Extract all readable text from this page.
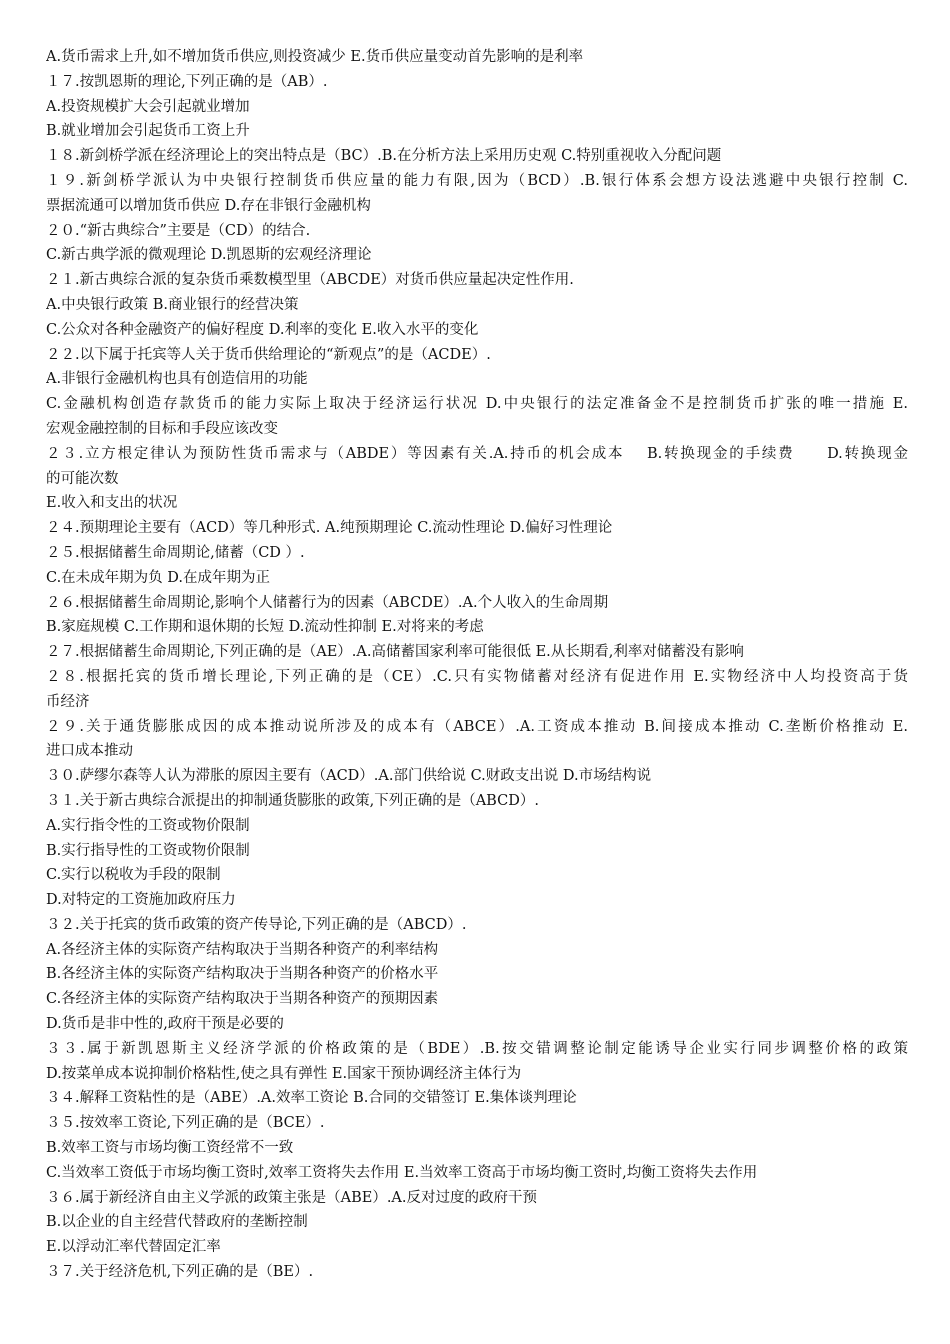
A.货币需求上升,如不增加货币供应,则投资减少 E.货币供应量变动首先影响的是利率
１７.按凯恩斯的理论,下列正确的是（AB）.
A.投资规模扩大会引起就业增加
B.就业增加会引起货币工资上升
１８.新剑桥学派在经济理论上的突出特点是（BC）.B.在分析方法上采用历史观 C.特别重视收入分配问题
１９.新剑桥学派认为中央银行控制货币供应量的能力有限,因为（BCD）.B.银行体系会想方设法逃避中央银行控制 C.
票据流通可以增加货币供应 D.存在非银行金融机构
２０.“新古典综合”主要是（CD）的结合.
C.新古典学派的微观理论 D.凯恩斯的宏观经济理论
２１.新古典综合派的复杂货币乘数模型里（ABCDE）对货币供应量起决定性作用.
A.中央银行政策 B.商业银行的经营决策
C.公众对各种金融资产的偏好程度 D.利率的变化 E.收入水平的变化
２２.以下属于托宾等人关于货币供给理论的“新观点”的是（ACDE）.
A.非银行金融机构也具有创造信用的功能
C.金融机构创造存款货币的能力实际上取决于经济运行状况 D.中央银行的法定准备金不是控制货币扩张的唯一措施 E.
宏观金融控制的目标和手段应该改变
２３.立方根定律认为预防性货币需求与（ABDE）等因素有关.A.持币的机会成本　 B.转换现金的手续费　　D.转换现金
的可能次数
E.收入和支出的状况
２４.预期理论主要有（ACD）等几种形式. A.纯预期理论 C.流动性理论 D.偏好习性理论
２５.根据储蓄生命周期论,储蓄（CD ）.
C.在未成年期为负 D.在成年期为正
２６.根据储蓄生命周期论,影响个人储蓄行为的因素（ABCDE）.A.个人收入的生命周期
B.家庭规模 C.工作期和退休期的长短 D.流动性抑制 E.对将来的考虑
２７.根据储蓄生命周期论,下列正确的是（AE）.A.高储蓄国家利率可能很低 E.从长期看,利率对储蓄没有影响
２８.根据托宾的货币增长理论,下列正确的是（CE）.C.只有实物储蓄对经济有促进作用 E.实物经济中人均投资高于货
币经济
２９.关于通货膨胀成因的成本推动说所涉及的成本有（ABCE）.A.工资成本推动 B.间接成本推动 C.垄断价格推动 E.
进口成本推动
３０.萨缪尔森等人认为滞胀的原因主要有（ACD）.A.部门供给说 C.财政支出说 D.市场结构说
３１.关于新古典综合派提出的抑制通货膨胀的政策,下列正确的是（ABCD）.
A.实行指令性的工资或物价限制
B.实行指导性的工资或物价限制
C.实行以税收为手段的限制
D.对特定的工资施加政府压力
３２.关于托宾的货币政策的资产传导论,下列正确的是（ABCD）.
A.各经济主体的实际资产结构取决于当期各种资产的利率结构
B.各经济主体的实际资产结构取决于当期各种资产的价格水平
C.各经济主体的实际资产结构取决于当期各种资产的预期因素
D.货币是非中性的,政府干预是必要的
３３.属于新凯恩斯主义经济学派的价格政策的是（BDE）.B.按交错调整论制定能诱导企业实行同步调整价格的政策
D.按菜单成本说抑制价格粘性,使之具有弹性 E.国家干预协调经济主体行为
３４.解释工资粘性的是（ABE）.A.效率工资论 B.合同的交错签订 E.集体谈判理论
３５.按效率工资论,下列正确的是（BCE）.
B.效率工资与市场均衡工资经常不一致
C.当效率工资低于市场均衡工资时,效率工资将失去作用 E.当效率工资高于市场均衡工资时,均衡工资将失去作用
３６.属于新经济自由主义学派的政策主张是（ABE）.A.反对过度的政府干预
B.以企业的自主经营代替政府的垄断控制
E.以浮动汇率代替固定汇率
３７.关于经济危机,下列正确的是（BE）.
